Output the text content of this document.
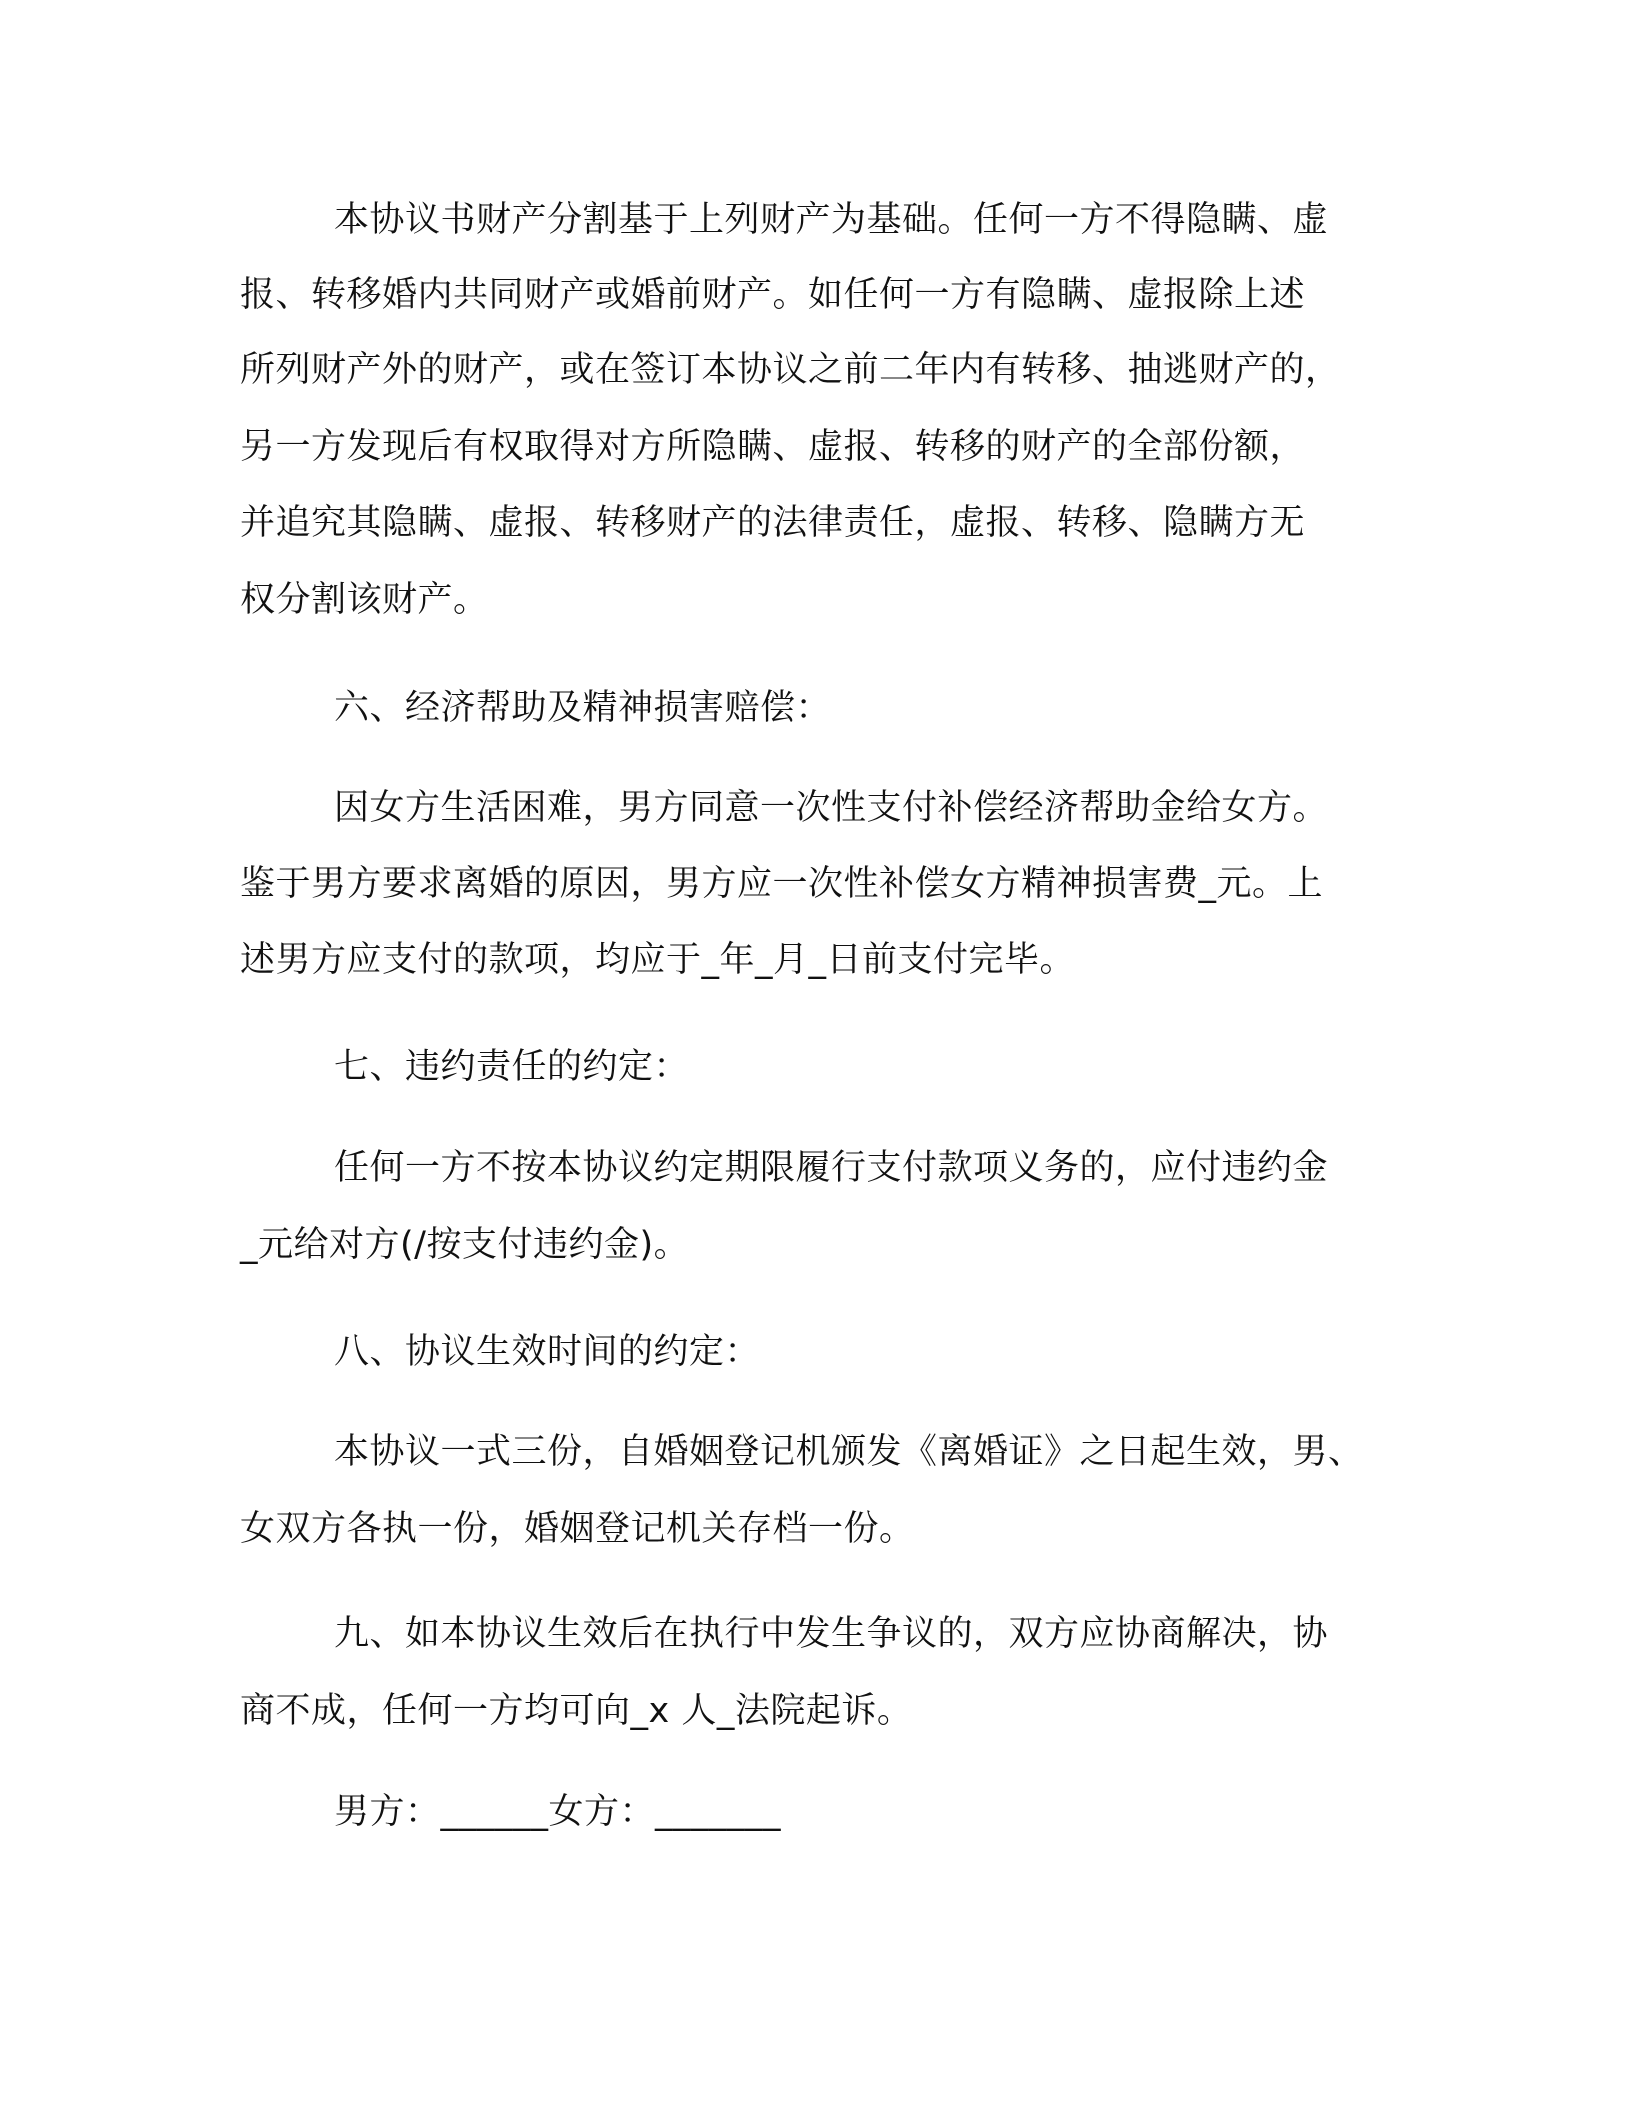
本协议书财产分割基于上列财产为基础。任何一方不得隐瞒、虚
报、转移婚内共同财产或婚前财产。如任何一方有隐瞒、虚报除上述
所列财产外的财产，或在签订本协议之前二年内有转移、抽逃财产的，
另一方发现后有权取得对方所隐瞒、虚报、转移的财产的全部份额，
并追究其隐瞒、虚报、转移财产的法律责任，虚报、转移、隐瞒方无
权分割该财产。
六、经济帮助及精神损害赔偿：
因女方生活困难，男方同意一次性支付补偿经济帮助金给女方。
鉴于男方要求离婚的原因，男方应一次性补偿女方精神损害费_元。上
述男方应支付的款项，均应于_年_月_日前支付完毕。
七、违约责任的约定：
任何一方不按本协议约定期限履行支付款项义务的，应付违约金
_元给对方(/按支付违约金)。
八、协议生效时间的约定：
本协议一式三份，自婚姻登记机颁发《离婚证》之日起生效，男、
女双方各执一份，婚姻登记机关存档一份。
九、如本协议生效后在执行中发生争议的，双方应协商解决，协
商不成，任何一方均可向_x 人_法院起诉。
男方：______女方：_______
